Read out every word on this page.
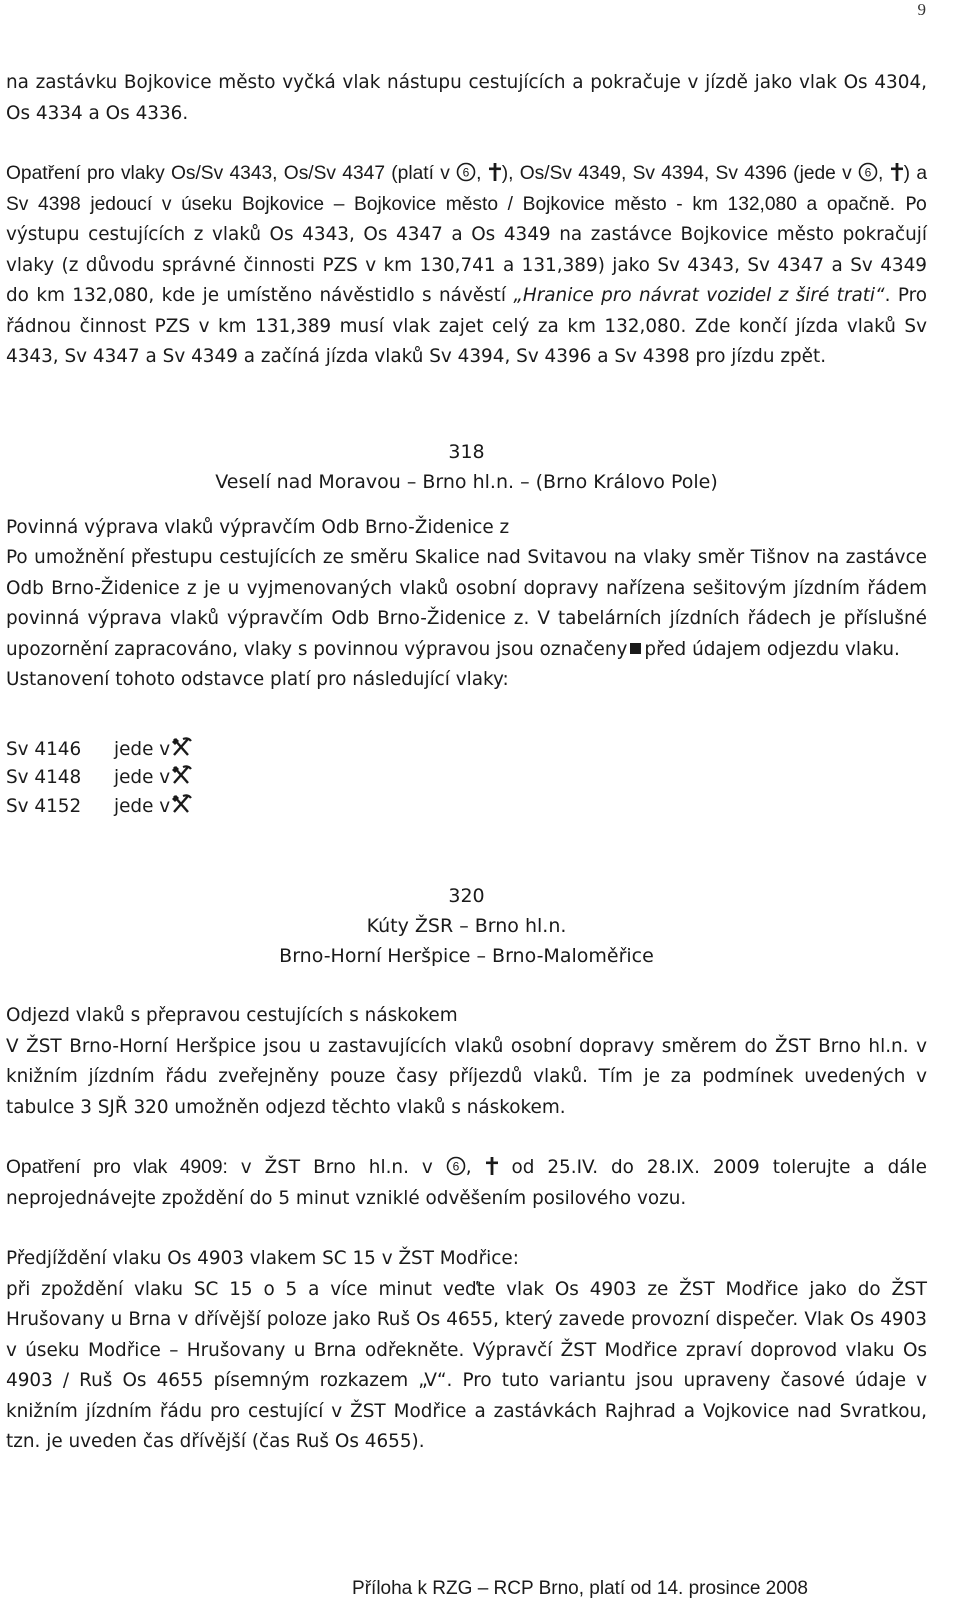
9

na zastávku Bojkovice město vyčká vlak nástupu cestujících a pokračuje v jízdě jako vlak Os 4304, Os 4334 a Os 4336.

Opatření pro vlaky Os/Sv 4343, Os/Sv 4347 (platí v 6 , ), Os/Sv 4349, Sv 4394, Sv 4396 (jede v 6 , ) a Sv 4398 jedoucí v úseku Bojkovice – Bojkovice město / Bojkovice město - km 132,080 a opačně. Po výstupu cestujících z vlaků Os 4343, Os 4347 a Os 4349 na zastávce Bojkovice město pokračují vlaky (z důvodu správné činnosti PZS v km 130,741 a 131,389) jako Sv 4343, Sv 4347 a Sv 4349 do km 132,080, kde je umístěno návěstidlo s návěstí „Hranice pro návrat vozidel z širé trati“. Pro řádnou činnost PZS v km 131,389 musí vlak zajet celý za km 132,080. Zde končí jízda vlaků Sv 4343, Sv 4347 a Sv 4349 a začíná jízda vlaků Sv 4394, Sv 4396 a Sv 4398 pro jízdu zpět.

318
Veselí nad Moravou – Brno hl.n. – (Brno Královo Pole)
Povinná výprava vlaků výpravčím Odb Brno-Židenice z

Po umožnění přestupu cestujících ze směru Skalice nad Svitavou na vlaky směr Tišnov na zastávce Odb Brno-Židenice z je u vyjmenovaných vlaků osobní dopravy nařízena sešitovým jízdním řádem povinná výprava vlaků výpravčím Odb Brno-Židenice z. V tabelárních jízdních řádech je příslušné upozornění zapracováno, vlaky s povinnou výpravou jsou označeny před údajem odjezdu vlaku.

Ustanovení tohoto odstavce platí pro následující vlaky:
Sv 4146	jede v
Sv 4148	jede v
Sv 4152	jede v
320
Kúty ŽSR – Brno hl.n.
Brno-Horní Heršpice – Brno-Maloměřice
Odjezd vlaků s přepravou cestujících s náskokem

V ŽST Brno-Horní Heršpice jsou u zastavujících vlaků osobní dopravy směrem do ŽST Brno hl.n. v knižním jízdním řádu zveřejněny pouze časy příjezdů vlaků. Tím je za podmínek uvedených v tabulce 3 SJŘ 320 umožněn odjezd těchto vlaků s náskokem.

Opatření pro vlak 4909: v ŽST Brno hl.n. v 6 ,  od 25.IV. do 28.IX. 2009 tolerujte a dále neprojednávejte zpoždění do 5 minut vzniklé odvěšením posilového vozu.

Předjíždění vlaku Os 4903 vlakem SC 15 v ŽST Modřice:

při zpoždění vlaku SC 15 o 5 a více minut veďte vlak Os 4903 ze ŽST Modřice jako do ŽST Hrušovany u Brna v dřívější poloze jako Ruš Os 4655, který zavede provozní dispečer. Vlak Os 4903 v úseku Modřice – Hrušovany u Brna odřekněte. Výpravčí ŽST Modřice zpraví doprovod vlaku Os 4903 / Ruš Os 4655 písemným rozkazem „V“. Pro tuto variantu jsou upraveny časové údaje v knižním jízdním řádu pro cestující v ŽST Modřice a zastávkách Rajhrad a Vojkovice nad Svratkou, tzn. je uveden čas dřívější (čas Ruš Os 4655).

Příloha k RZG – RCP Brno, platí od 14. prosince 2008
